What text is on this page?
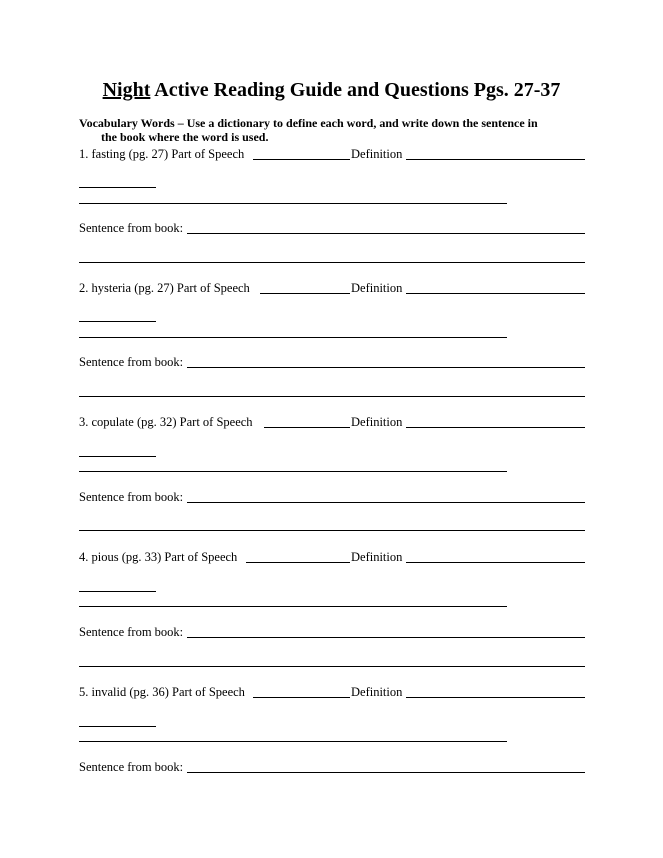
Night Active Reading Guide and Questions Pgs. 27-37
Vocabulary Words – Use a dictionary to define each word, and write down the sentence in
the book where the word is used.
1. fasting (pg. 27) Part of Speech	Definition
Sentence from book:
2. hysteria (pg. 27) Part of Speech	Definition
Sentence from book:
3. copulate (pg. 32) Part of Speech	Definition
Sentence from book:
4. pious (pg. 33) Part of Speech	Definition
Sentence from book:
5. invalid (pg. 36) Part of Speech	Definition
Sentence from book:
